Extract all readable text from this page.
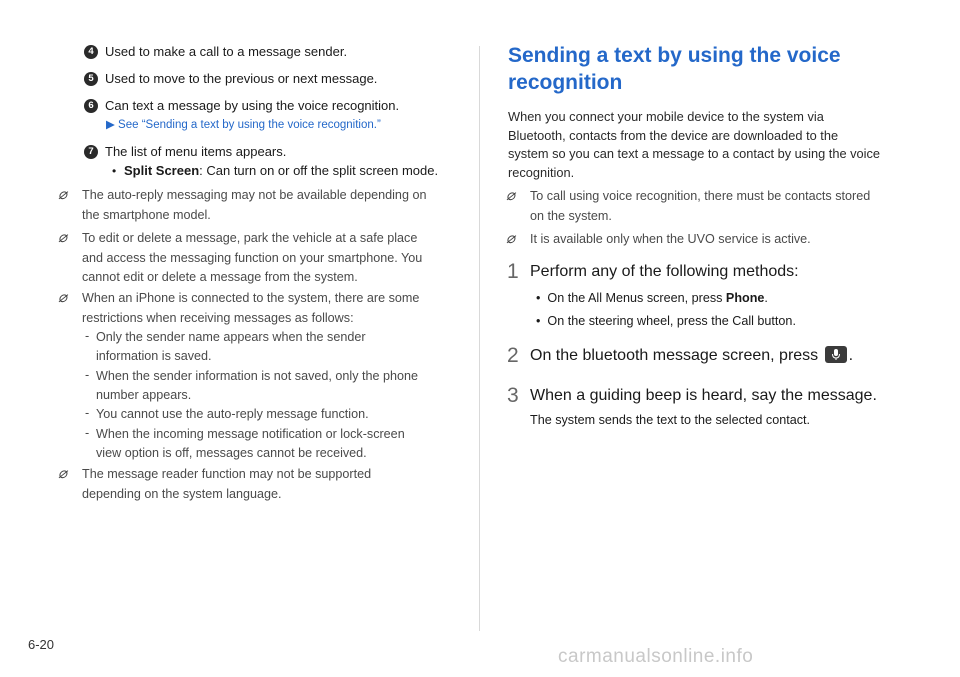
4 Used to make a call to a message sender.
5 Used to move to the previous or next message.
6 Can text a message by using the voice recognition.
▶ See “Sending a text by using the voice recognition.”
7 The list of menu items appears.
• Split Screen: Can turn on or off the split screen mode.
⌀ The auto-reply messaging may not be available depending on
the smartphone model.
⌀ To edit or delete a message, park the vehicle at a safe place
and access the messaging function on your smartphone. You
cannot edit or delete a message from the system.
⌀ When an iPhone is connected to the system, there are some
restrictions when receiving messages as follows:
- Only the sender name appears when the sender
information is saved.
- When the sender information is not saved, only the phone
number appears.
- You cannot use the auto-reply message function.
- When the incoming message notification or lock-screen
view option is off, messages cannot be received.
⌀ The message reader function may not be supported
depending on the system language.
Sending a text by using the voice
recognition
When you connect your mobile device to the system via
Bluetooth, contacts from the device are downloaded to the
system so you can text a message to a contact by using the voice
recognition.
⌀ To call using voice recognition, there must be contacts stored
on the system.
⌀ It is available only when the UVO service is active.
1 Perform any of the following methods:
• On the All Menus screen, press Phone.
• On the steering wheel, press the Call button.
2 On the bluetooth message screen, press .
3 When a guiding beep is heard, say the message.
The system sends the text to the selected contact.
6-20
carmanualsonline.info
